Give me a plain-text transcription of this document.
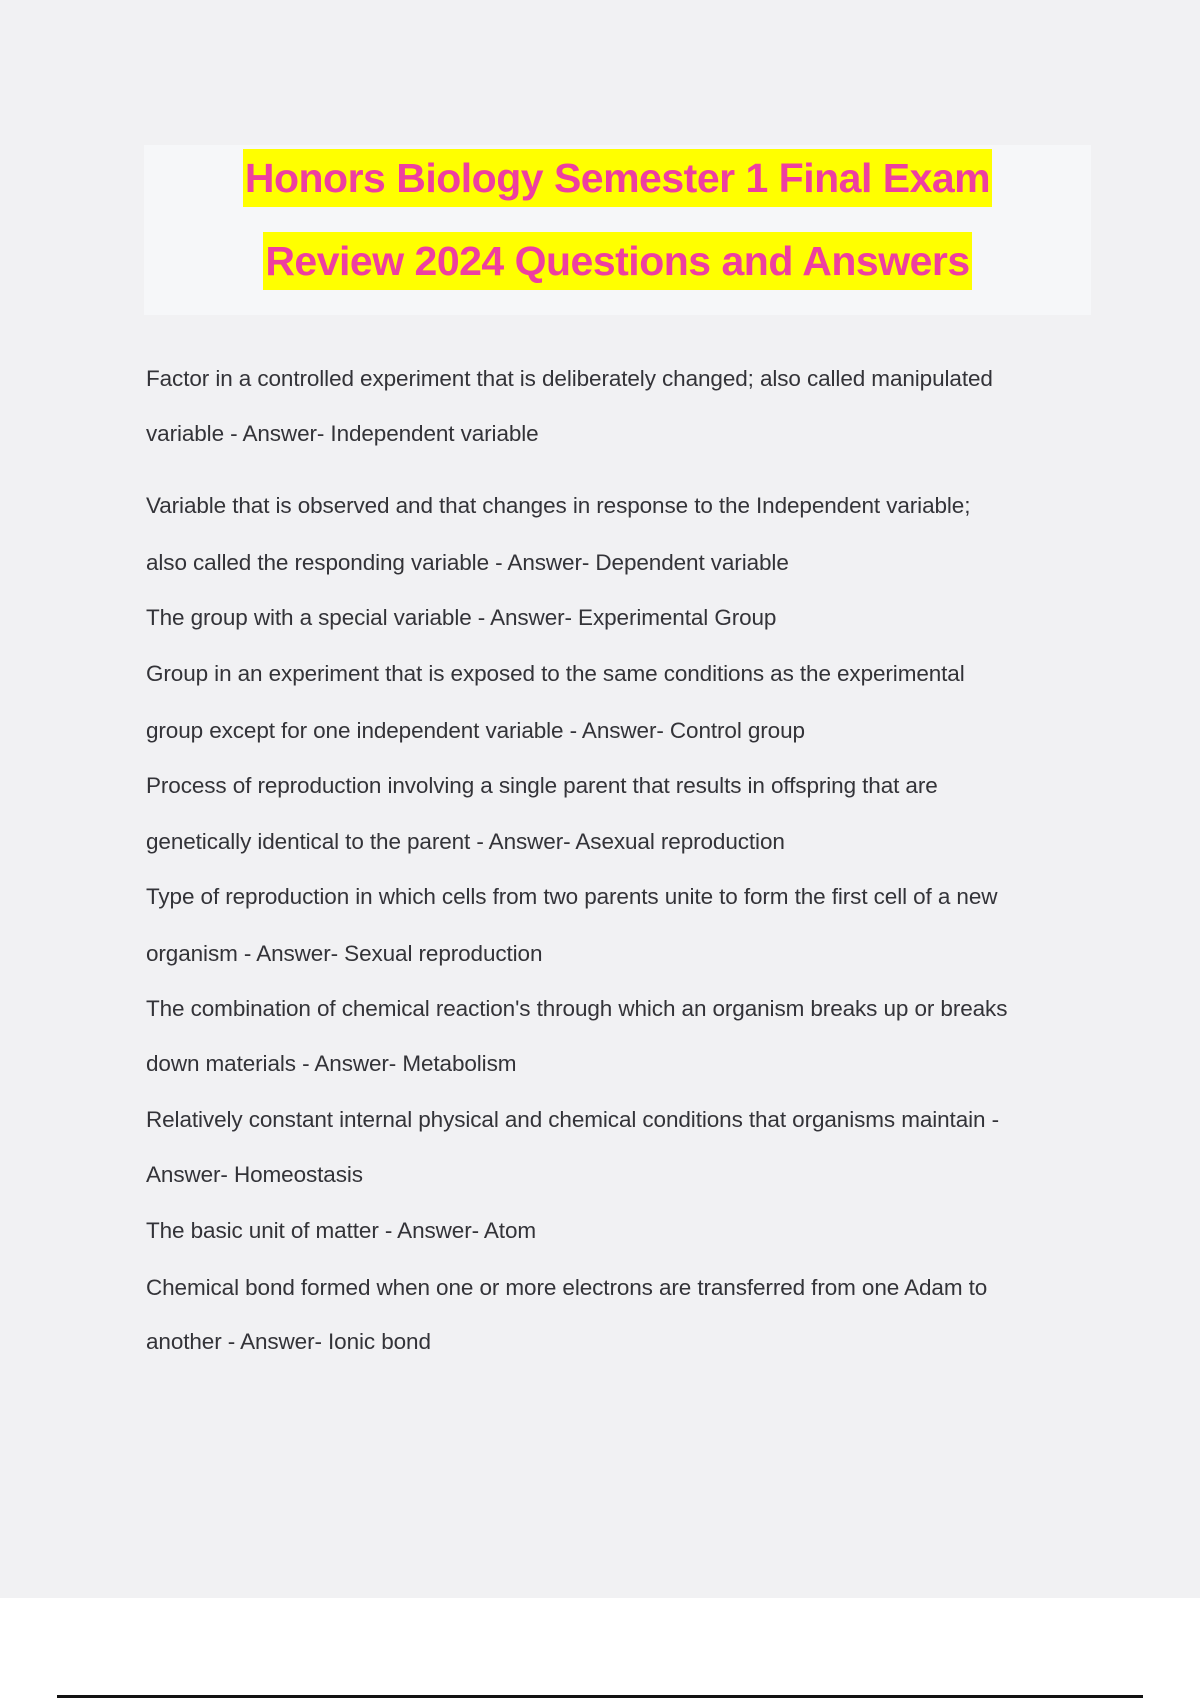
Honors Biology Semester 1 Final Exam
Review 2024 Questions and Answers
Factor in a controlled experiment that is deliberately changed; also called manipulated
variable - Answer- Independent variable
Variable that is observed and that changes in response to the Independent variable;
also called the responding variable - Answer- Dependent variable
The group with a special variable - Answer- Experimental Group
Group in an experiment that is exposed to the same conditions as the experimental
group except for one independent variable - Answer- Control group
Process of reproduction involving a single parent that results in offspring that are
genetically identical to the parent - Answer- Asexual reproduction
Type of reproduction in which cells from two parents unite to form the first cell of a new
organism - Answer- Sexual reproduction
The combination of chemical reaction's through which an organism breaks up or breaks
down materials - Answer- Metabolism
Relatively constant internal physical and chemical conditions that organisms maintain -
Answer- Homeostasis
The basic unit of matter - Answer- Atom
Chemical bond formed when one or more electrons are transferred from one Adam to
another - Answer- Ionic bond
